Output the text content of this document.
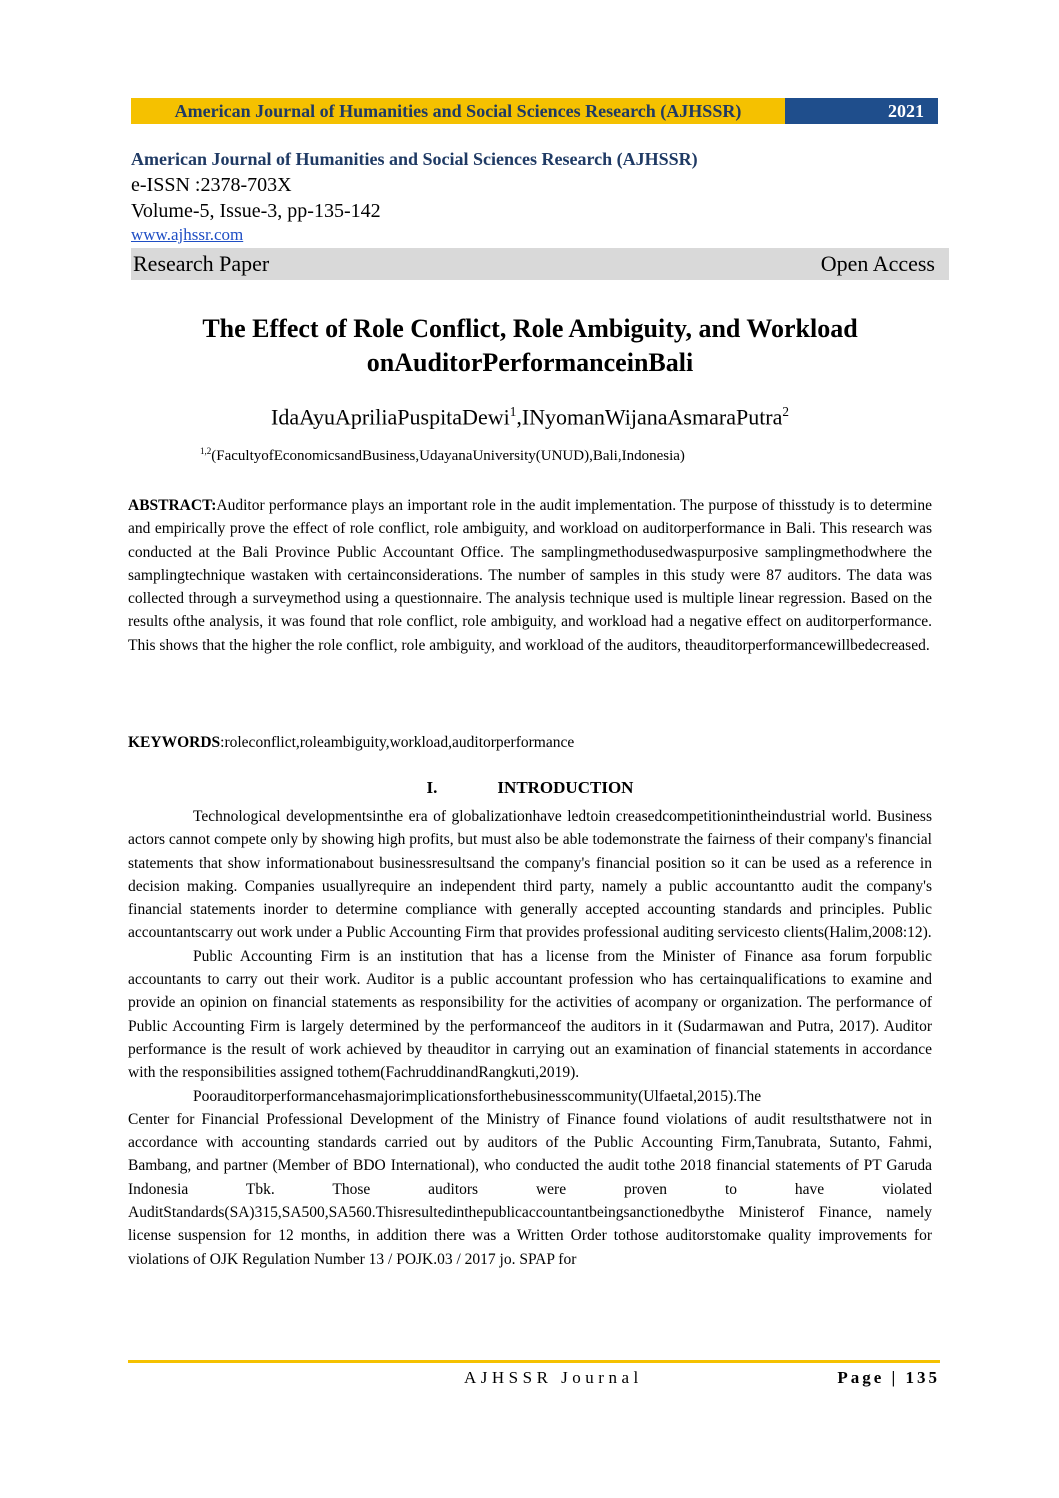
American Journal of Humanities and Social Sciences Research (AJHSSR)	2021
American Journal of Humanities and Social Sciences Research (AJHSSR)
e-ISSN :2378-703X
Volume-5, Issue-3, pp-135-142
www.ajhssr.com
Research Paper	Open Access
The Effect of Role Conflict, Role Ambiguity, and Workload
onAuditorPerformanceinBali
IdaAyuApriliaPuspitaDewi$^1$,INyomanWijanaAsmaraPutra$^2$
$^{1,2}$(FacultyofEconomicsandBusiness,UdayanaUniversity(UNUD),Bali,Indonesia)
ABSTRACT:Auditor performance plays an important role in the audit implementation. The purpose of thisstudy is to determine and empirically prove the effect of role conflict, role ambiguity, and workload on auditorperformance in Bali. This research was conducted at the Bali Province Public Accountant Office. The samplingmethodusedwaspurposive samplingmethodwhere the samplingtechnique wastaken with certainconsiderations. The number of samples in this study were 87 auditors. The data was collected through a surveymethod using a questionnaire. The analysis technique used is multiple linear regression. Based on the results ofthe analysis, it was found that role conflict, role ambiguity, and workload had a negative effect on auditorperformance. This shows that the higher the role conflict, role ambiguity, and workload of the auditors, theauditorperformancewillbedecreased.
KEYWORDS:roleconflict,roleambiguity,workload,auditorperformance
I.	INTRODUCTION

Technological developmentsinthe era of globalizationhave ledtoin creasedcompetitionintheindustrial world. Business actors cannot compete only by showing high profits, but must also be able todemonstrate the fairness of their company's financial statements that show informationabout businessresultsand the company's financial position so it can be used as a reference in decision making. Companies usuallyrequire an independent third party, namely a public accountantto audit the company's financial statements inorder to determine compliance with generally accepted accounting standards and principles. Public accountantscarry out work under a Public Accounting Firm that provides professional auditing servicesto clients(Halim,2008:12).

Public Accounting Firm is an institution that has a license from the Minister of Finance asa forum forpublic accountants to carry out their work. Auditor is a public accountant profession who has certainqualifications to examine and provide an opinion on financial statements as responsibility for the activities of acompany or organization. The performance of Public Accounting Firm is largely determined by the performanceof the auditors in it (Sudarmawan and Putra, 2017). Auditor performance is the result of work achieved by theauditor in carrying out an examination of financial statements in accordance with the responsibilities assigned tothem(FachruddinandRangkuti,2019).

Poorauditorperformancehasmajorimplicationsforthebusinesscommunity(Ulfaetal,2015).The

Center for Financial Professional Development of the Ministry of Finance found violations of audit resultsthatwere not in accordance with accounting standards carried out by auditors of the Public Accounting Firm,Tanubrata, Sutanto, Fahmi, Bambang, and partner (Member of BDO International), who conducted the audit tothe 2018 financial statements of PT Garuda Indonesia Tbk. Those auditors were proven to have violated AuditStandards(SA)315,SA500,SA560.Thisresultedinthepublicaccountantbeingsanctionedbythe Ministerof Finance, namely license suspension for 12 months, in addition there was a Written Order tothose auditorstomake quality improvements for violations of OJK Regulation Number 13 / POJK.03 / 2017 jo. SPAP for

AJHSSR Journal	Page | 135
